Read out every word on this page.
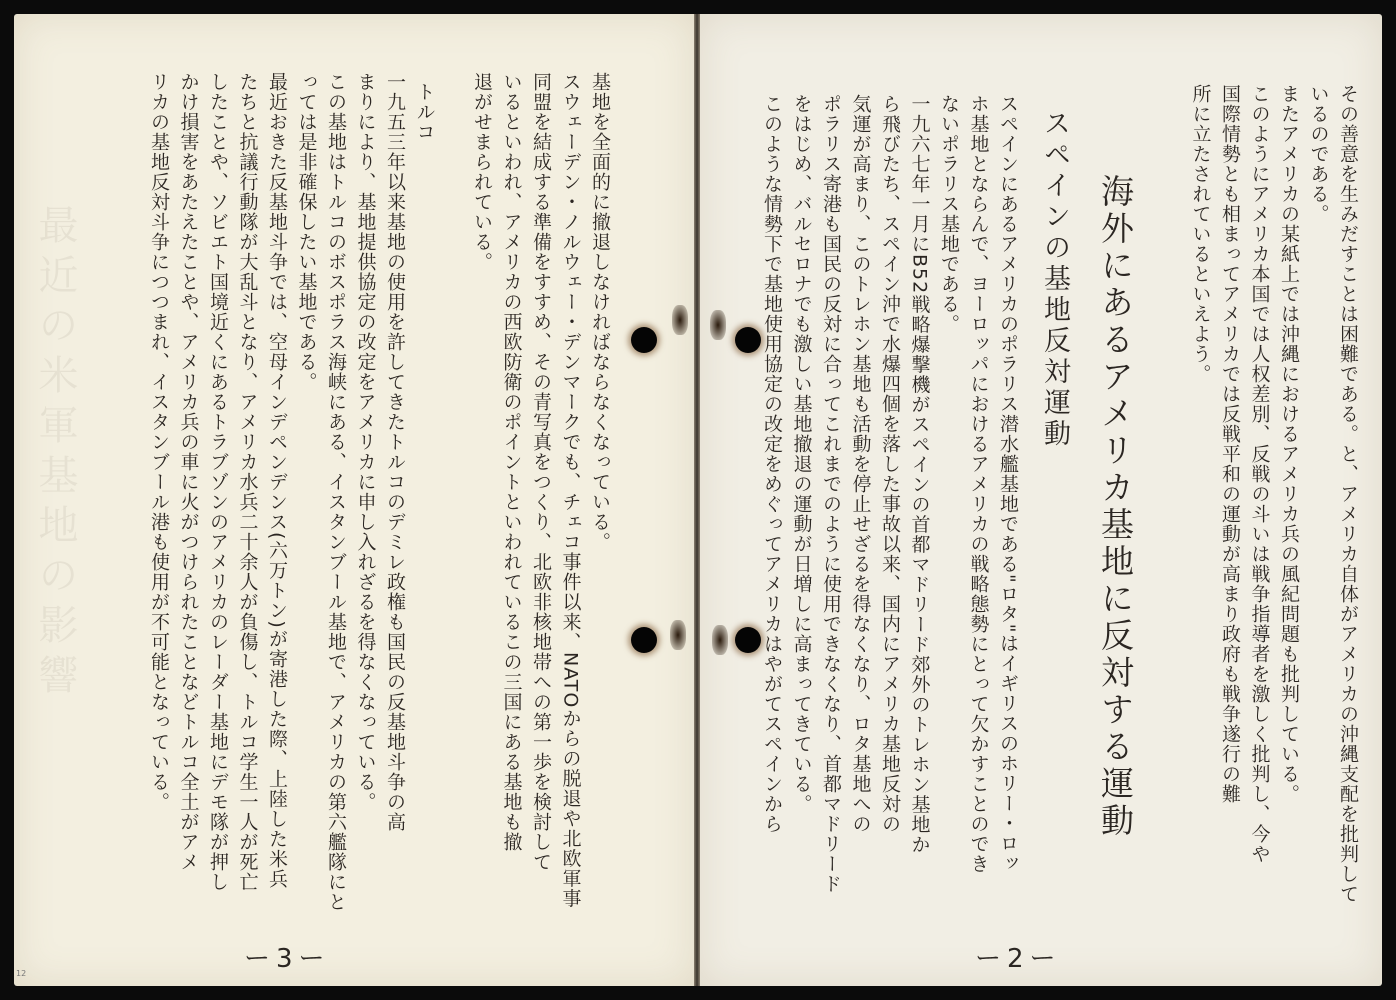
最近の米軍基地の影響	基地を全面的に撤退しなければならなくなっている。

スウェーデン・ノルウェー・デンマークでも、チェコ事件以来、NATOからの脱退や北欧軍事

同盟を結成する準備をすすめ、その青写真をつくり、北欧非核地帯への第一歩を検討して

いるといわれ、アメリカの西欧防衛のポイントといわれているこの三国にある基地も撤

退がせまられている。

トルコ

一九五三年以来基地の使用を許してきたトルコのデミレ政権も国民の反基地斗争の高

まりにより、基地提供協定の改定をアメリカに申し入れざるを得なくなっている。

この基地はトルコのボスポラス海峡にある、イスタンブール基地で、アメリカの第六艦隊にと

っては是非確保したい基地である。

最近おきた反基地斗争では、空母インデペンデンス(六万トン)が寄港した際、上陸した米兵

たちと抗議行動隊が大乱斗となり、アメリカ水兵二十余人が負傷し、トルコ学生一人が死亡

したことや、ソビエト国境近くにあるトラブゾンのアメリカのレーダー基地にデモ隊が押し

かけ損害をあたえたことや、アメリカ兵の車に火がつけられたことなどトルコ全土がアメ

リカの基地反対斗争につつまれ、イスタンブール港も使用が不可能となっている。

ー3ー
12

その善意を生みだすことは困難である。と、アメリカ自体がアメリカの沖縄支配を批判して

いるのである。

またアメリカの某紙上では沖縄におけるアメリカ兵の風紀問題も批判している。

このようにアメリカ本国では人权差別、反戦の斗いは戦争指導者を激しく批判し、今や

国際情勢とも相まってアメリカでは反戦平和の運動が高まり政府も戦争遂行の難

所に立たされているといえよう。

海外にあるアメリカ基地に反対する運動
スペインの基地反対運動

スペインにあるアメリカのポラリス潜水艦基地である"ロタ"はイギリスのホリー・ロッ

ホ基地とならんで、ヨーロッパにおけるアメリカの戦略態勢にとって欠かすことのでき

ないポラリス基地である。

一九六七年一月にB52戦略爆撃機がスペインの首都マドリード郊外のトレホン基地か

ら飛びたち、スペイン沖で水爆四個を落した事故以来、国内にアメリカ基地反対の

気運が高まり、このトレホン基地も活動を停止せざるを得なくなり、ロタ基地への

ポラリス寄港も国民の反対に合ってこれまでのように使用できなくなり、首都マドリード

をはじめ、バルセロナでも激しい基地撤退の運動が日増しに高まってきている。

このような情勢下で基地使用協定の改定をめぐってアメリカはやがてスペインから

ー2ー
